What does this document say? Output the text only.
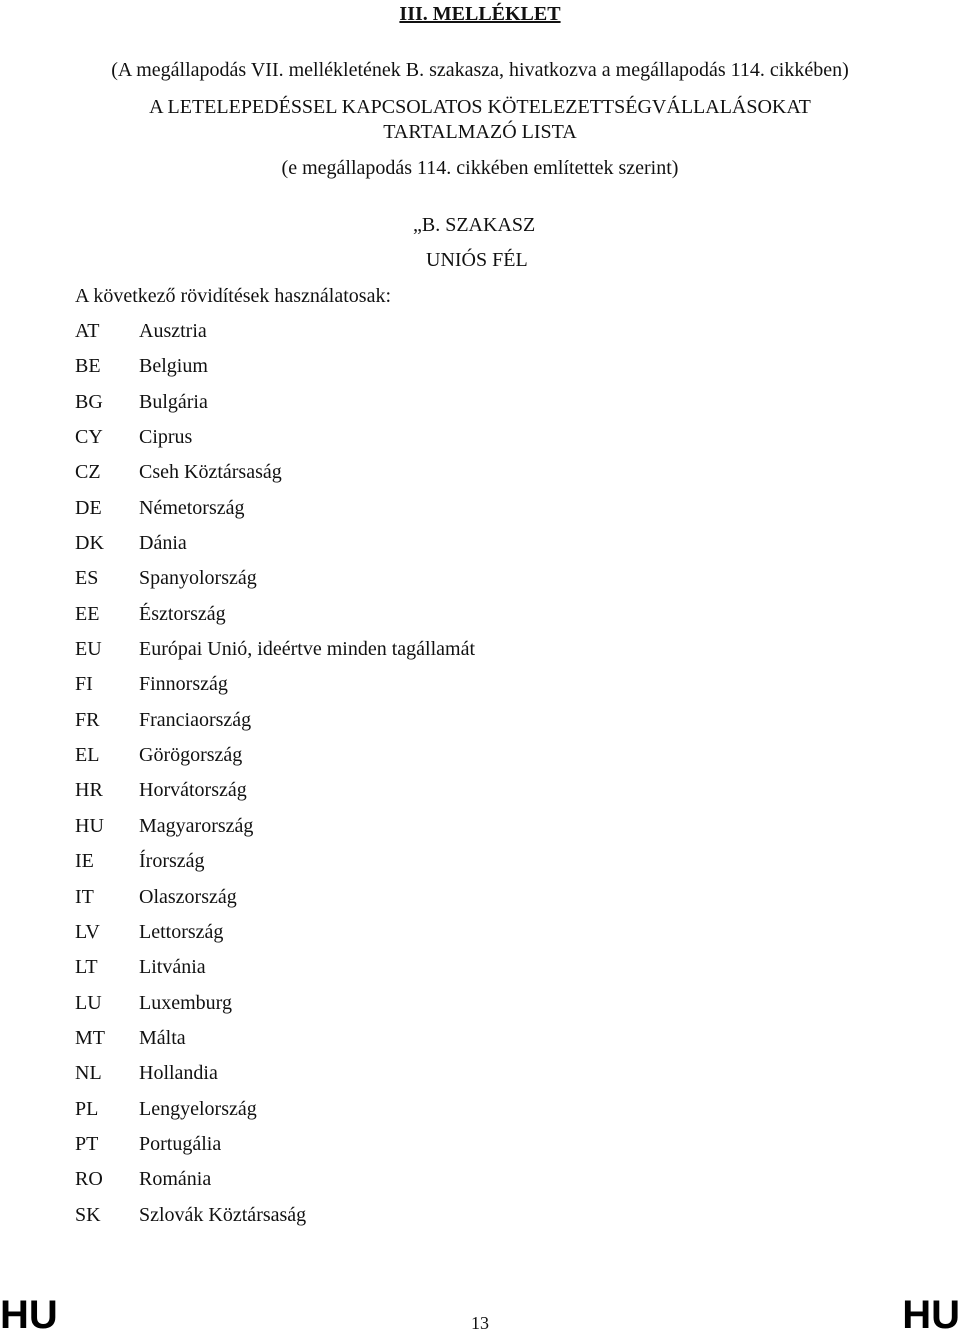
III. MELLÉKLET
(A megállapodás VII. mellékletének B. szakasza, hivatkozva a megállapodás 114. cikkében)
A LETELEPEDÉSSEL KAPCSOLATOS KÖTELEZETTSÉGVÁLLALÁSOKAT
TARTALMAZÓ LISTA
(e megállapodás 114. cikkében említettek szerint)
„B. SZAKASZ
UNIÓS FÉL
A következő rövidítések használatosak:
AT Ausztria
BE Belgium
BG Bulgária
CY Ciprus
CZ Cseh Köztársaság
DE Németország
DK Dánia
ES Spanyolország
EE Észtország
EU Európai Unió, ideértve minden tagállamát
FI Finnország
FR Franciaország
EL Görögország
HR Horvátország
HU Magyarország
IE Írország
IT Olaszország
LV Lettország
LT Litvánia
LU Luxemburg
MT Málta
NL Hollandia
PL Lengyelország
PT Portugália
RO Románia
SK Szlovák Köztársaság
HU	13	HU
